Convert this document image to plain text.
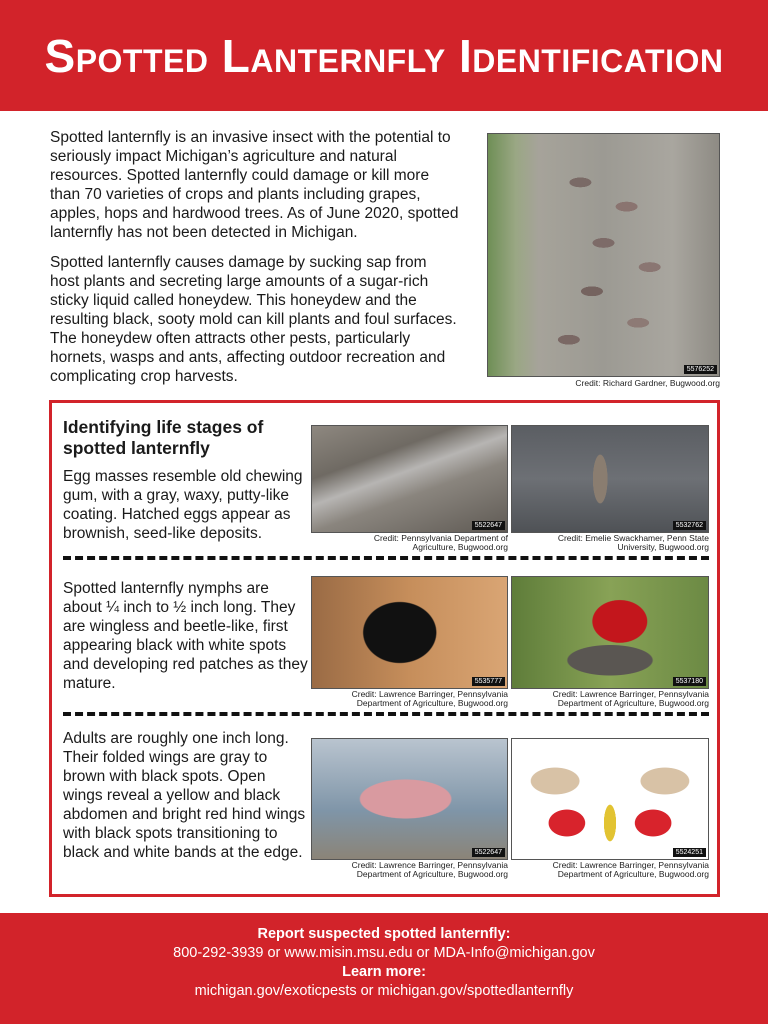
Spotted Lanternfly Identification

Spotted lanternfly is an invasive insect with the potential to seriously impact Michigan’s agriculture and natural resources. Spotted lanternfly could damage or kill more than 70 varieties of crops and plants including grapes, apples, hops and hardwood trees. As of June 2020, spotted lanternfly has not been detected in Michigan.

Spotted lanternfly causes damage by sucking sap from host plants and secreting large amounts of a sugar-rich sticky liquid called honeydew. This honeydew and the resulting black, sooty mold can kill plants and foul surfaces. The honeydew often attracts other pests, particularly hornets, wasps and ants, affecting outdoor recreation and complicating crop harvests.	5576252
Credit: Richard Gardner, Bugwood.org
Identifying life stages of spotted lanternfly
Egg masses resemble old chewing gum, with a gray, waxy, putty-like coating. Hatched eggs appear as brownish, seed-like deposits.	5522647
Credit: Pennsylvania Department of
Agriculture, Bugwood.org
5532762
Credit: Emelie Swackhamer, Penn State
University, Bugwood.org
Spotted lanternfly nymphs are about ¼ inch to ½ inch long. They are wingless and beetle-like, first appearing black with white spots and developing red patches as they mature.	5535777
Credit: Lawrence Barringer, Pennsylvania
Department of Agriculture, Bugwood.org
5537180
Credit: Lawrence Barringer, Pennsylvania
Department of Agriculture, Bugwood.org
Adults are roughly one inch long. Their folded wings are gray to brown with black spots. Open wings reveal a yellow and black abdomen and bright red hind wings with black spots transitioning to black and white bands at the edge.	5522647
Credit: Lawrence Barringer, Pennsylvania
Department of Agriculture, Bugwood.org
5524251
Credit: Lawrence Barringer, Pennsylvania
Department of Agriculture, Bugwood.org
Report suspected spotted lanternfly:
800-292-3939 or www.misin.msu.edu or MDA-Info@michigan.gov
Learn more:
michigan.gov/exoticpests or michigan.gov/spottedlanternfly
